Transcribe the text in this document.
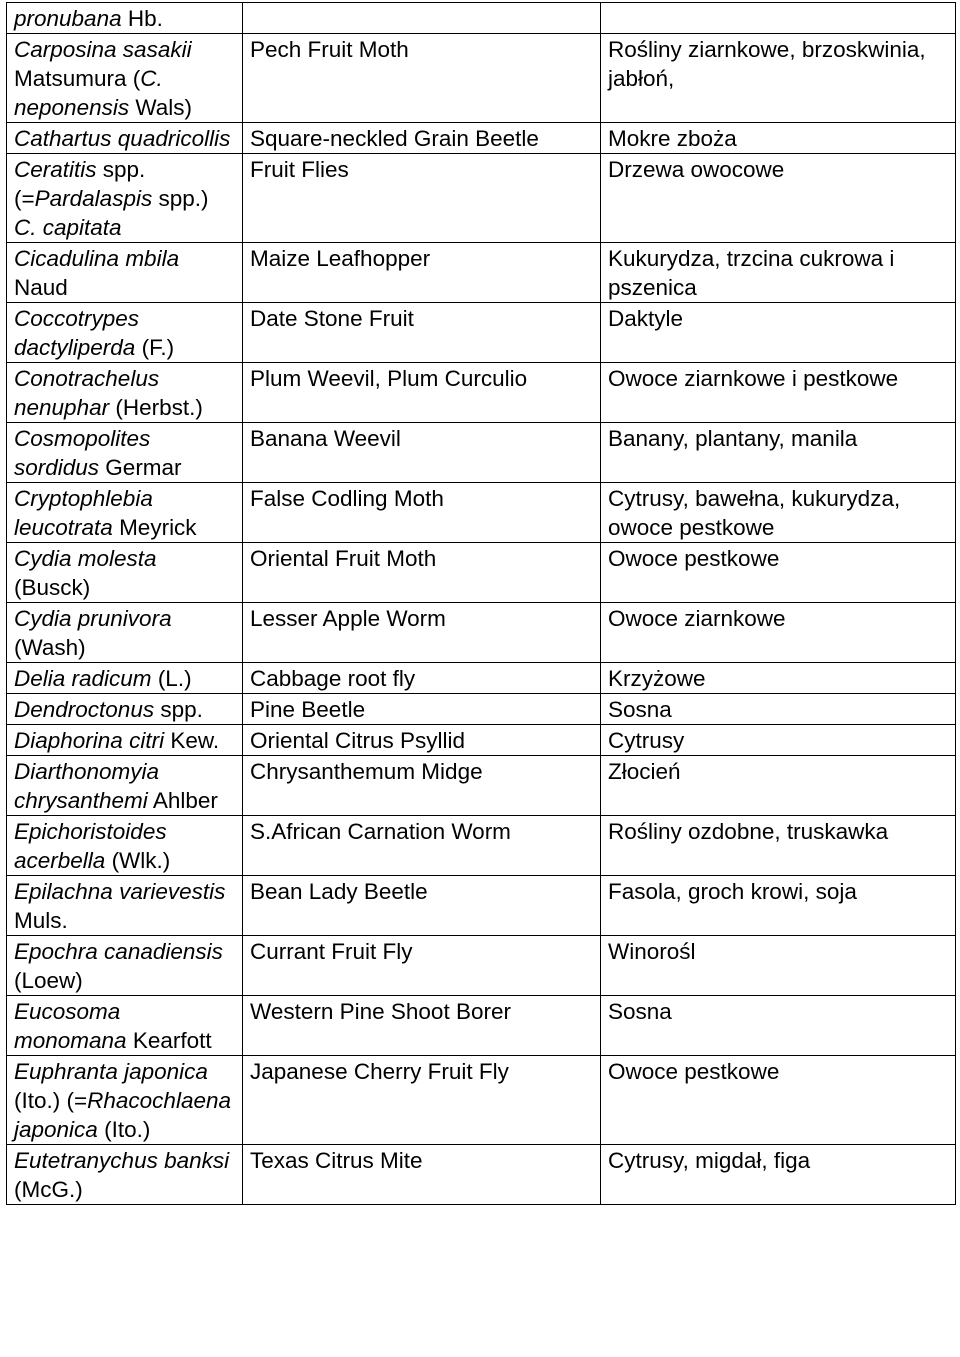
pronubana Hb.		
Carposina sasakii Matsumura (C. neponensis Wals)	Pech Fruit Moth	Rośliny ziarnkowe, brzoskwinia, jabłoń,
Cathartus quadricollis	Square-neckled Grain Beetle	Mokre zboża
Ceratitis spp. (=Pardalaspis spp.) C. capitata	Fruit Flies	Drzewa owocowe
Cicadulina mbila Naud	Maize Leafhopper	Kukurydza, trzcina cukrowa i pszenica
Coccotrypes dactyliperda (F.)	Date Stone Fruit	Daktyle
Conotrachelus nenuphar (Herbst.)	Plum Weevil, Plum Curculio	Owoce ziarnkowe i pestkowe
Cosmopolites sordidus Germar	Banana Weevil	Banany, plantany, manila
Cryptophlebia leucotrata Meyrick	False Codling Moth	Cytrusy, bawełna, kukurydza, owoce pestkowe
Cydia molesta (Busck)	Oriental Fruit Moth	Owoce pestkowe
Cydia prunivora (Wash)	Lesser Apple Worm	Owoce ziarnkowe
Delia radicum (L.)	Cabbage root fly	Krzyżowe
Dendroctonus spp.	Pine Beetle	Sosna
Diaphorina citri Kew.	Oriental Citrus Psyllid	Cytrusy
Diarthonomyia chrysanthemi Ahlber	Chrysanthemum Midge	Złocień
Epichoristoides acerbella (Wlk.)	S.African Carnation Worm	Rośliny ozdobne, truskawka
Epilachna varievestis Muls.	Bean Lady Beetle	Fasola, groch krowi, soja
Epochra canadiensis (Loew)	Currant Fruit Fly	Winorośl
Eucosoma monomana Kearfott	Western Pine Shoot Borer	Sosna
Euphranta japonica (Ito.) (=Rhacochlaena japonica (Ito.)	Japanese Cherry Fruit Fly	Owoce pestkowe
Eutetranychus banksi (McG.)	Texas Citrus Mite	Cytrusy, migdał, figa
